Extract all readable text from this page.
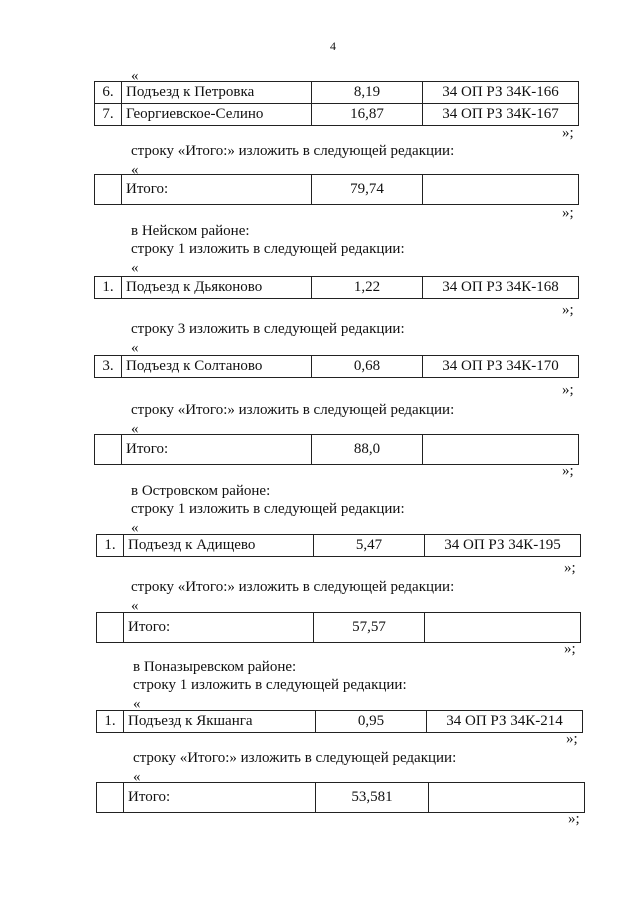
4
«
6.	Подъезд к Петровка	8,19	34 ОП РЗ 34К-166
7.	Георгиевское-Селино	16,87	34 ОП РЗ 34К-167
»;
строку «Итого:» изложить в следующей редакции:
«
	Итого:	79,74	
»;
в Нейском районе:
строку 1 изложить в следующей редакции:
«
1.	Подъезд к Дьяконово	1,22	34 ОП РЗ 34К-168
»;
строку 3 изложить в следующей редакции:
«
3.	Подъезд к Солтаново	0,68	34 ОП РЗ 34К-170
»;
строку «Итого:» изложить в следующей редакции:
«
	Итого:	88,0	
»;
в Островском районе:
строку 1 изложить в следующей редакции:
«
1.	Подъезд к Адищево	5,47	34 ОП РЗ 34К-195
»;
строку «Итого:» изложить в следующей редакции:
«
	Итого:	57,57	
»;
в Поназыревском районе:
строку 1 изложить в следующей редакции:
«
1.	Подъезд к Якшанга	0,95	34 ОП РЗ 34К-214
»;
строку «Итого:» изложить в следующей редакции:
«
	Итого:	53,581	
»;
